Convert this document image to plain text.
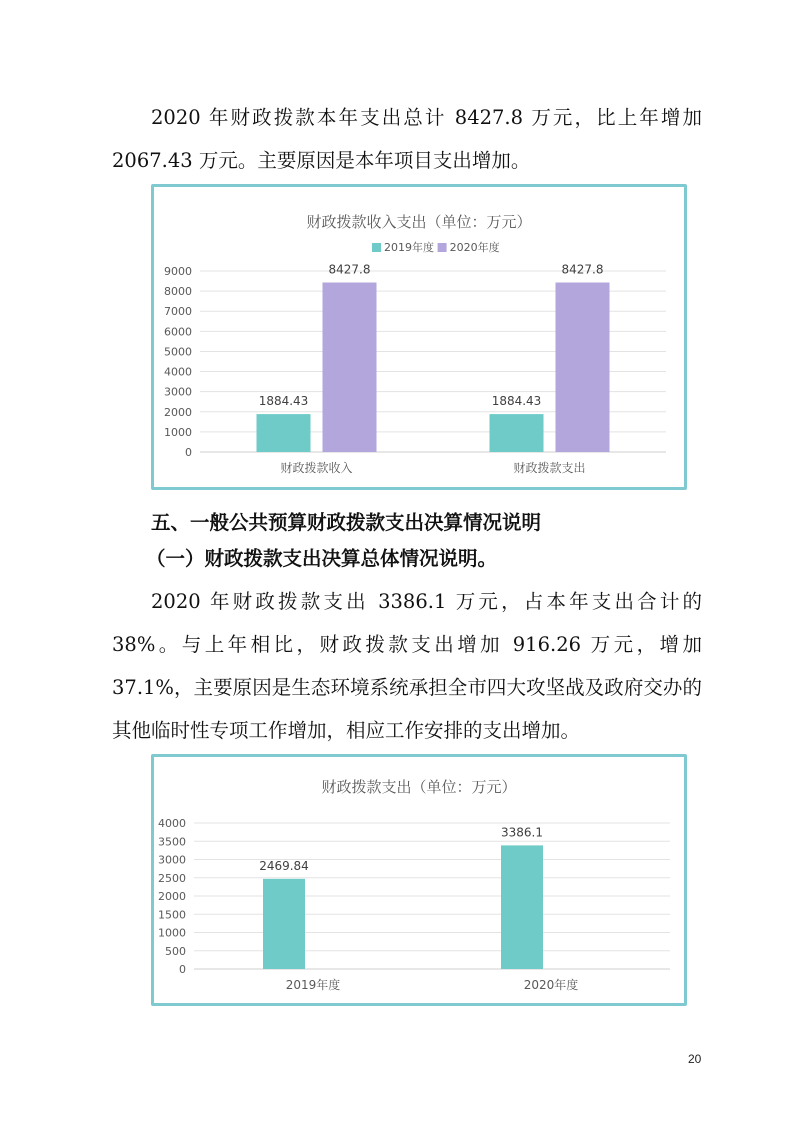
2020 年财政拨款本年支出总计 8427.8 万元，比上年增加 2067.43 万元。主要原因是本年项目支出增加。

财政拨款收入支出（单位：万元）
2019年度 2020年度
0
1000
2000
3000
4000
5000
6000
7000
8000
9000
财政拨款收入
1884.43
8427.8
财政拨款支出
1884.43
8427.8

五、一般公共预算财政拨款支出决算情况说明

（一）财政拨款支出决算总体情况说明。

2020 年财政拨款支出 3386.1 万元，占本年支出合计的 38%。与上年相比，财政拨款支出增加 916.26 万元，增加 37.1%，主要原因是生态环境系统承担全市四大攻坚战及政府交办的其他临时性专项工作增加，相应工作安排的支出增加。

财政拨款支出（单位：万元）
0
500
1000
1500
2000
2500
3000
3500
4000
2019年度
2469.84
2020年度
3386.1
20
